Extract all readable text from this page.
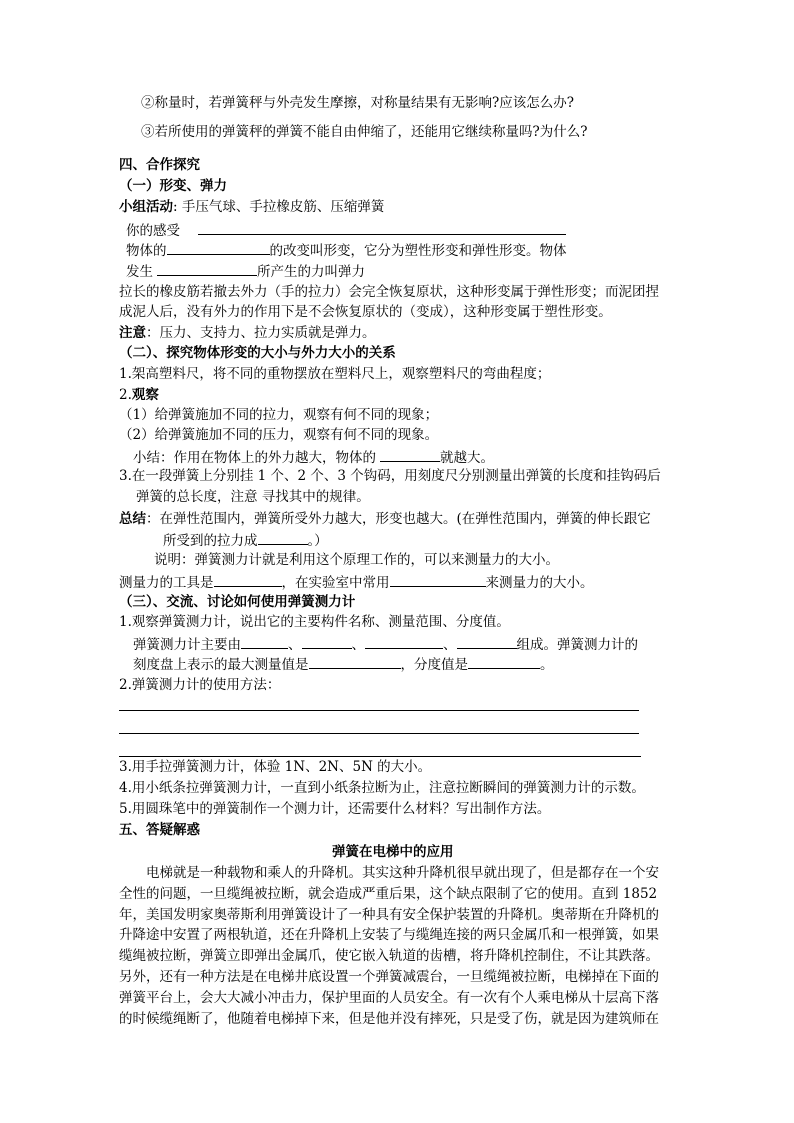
②称量时，若弹簧秤与外壳发生摩擦，对称量结果有无影响?应该怎么办?
③若所使用的弹簧秤的弹簧不能自由伸缩了，还能用它继续称量吗?为什么?
四、合作探究
（一）形变、弹力
小组活动: 手压气球、手拉橡皮筋、压缩弹簧
你的感受
物体的	的改变叫形变，它分为塑性形变和弹性形变。物体
发生	所产生的力叫弹力
拉长的橡皮筋若撤去外力（手的拉力）会完全恢复原状，这种形变属于弹性形变；而泥团捏
成泥人后，没有外力的作用下是不会恢复原状的（变成），这种形变属于塑性形变。
注意：压力、支持力、拉力实质就是弹力。
（二）、探究物体形变的大小与外力大小的关系
1.架高塑料尺，将不同的重物摆放在塑料尺上，观察塑料尺的弯曲程度；
2.观察
（1）给弹簧施加不同的拉力，观察有何不同的现象；
（2）给弹簧施加不同的压力，观察有何不同的现象。
小结：作用在物体上的外力越大，物体的	就越大。
3.在一段弹簧上分别挂 1 个、2 个、3 个钩码，用刻度尺分别测量出弹簧的长度和挂钩码后
弹簧的总长度，注意 寻找其中的规律。
总结：在弹性范围内，弹簧所受外力越大，形变也越大。(在弹性范围内，弹簧的伸长跟它
所受到的拉力成	。）
说明：弹簧测力计就是利用这个原理工作的，可以来测量力的大小。
测量力的工具是	，在实验室中常用	来测量力的大小。
（三）、交流、讨论如何使用弹簧测力计
1.观察弹簧测力计，说出它的主要构件名称、测量范围、分度值。
弹簧测力计主要由	、	、	、	组成。弹簧测力计的
刻度盘上表示的最大测量值是	，分度值是	。
2.弹簧测力计的使用方法：
3.用手拉弹簧测力计，体验 1N、2N、5N 的大小。
4.用小纸条拉弹簧测力计，一直到小纸条拉断为止，注意拉断瞬间的弹簧测力计的示数。
5.用圆珠笔中的弹簧制作一个测力计，还需要什么材料？写出制作方法。
五、答疑解惑
弹簧在电梯中的应用
电梯就是一种载物和乘人的升降机。其实这种升降机很早就出现了，但是都存在一个安
全性的问题，一旦缆绳被拉断，就会造成严重后果，这个缺点限制了它的使用。直到 1852
年，美国发明家奥蒂斯利用弹簧设计了一种具有安全保护装置的升降机。奥蒂斯在升降机的
升降途中安置了两根轨道，还在升降机上安装了与缆绳连接的两只金属爪和一根弹簧，如果
缆绳被拉断，弹簧立即弹出金属爪，使它嵌入轨道的齿槽，将升降机控制住，不让其跌落。
另外，还有一种方法是在电梯井底设置一个弹簧减震台，一旦缆绳被拉断，电梯掉在下面的
弹簧平台上，会大大减小冲击力，保护里面的人员安全。有一次有个人乘电梯从十层高下落
的时候缆绳断了，他随着电梯掉下来，但是他并没有摔死，只是受了伤，就是因为建筑师在
